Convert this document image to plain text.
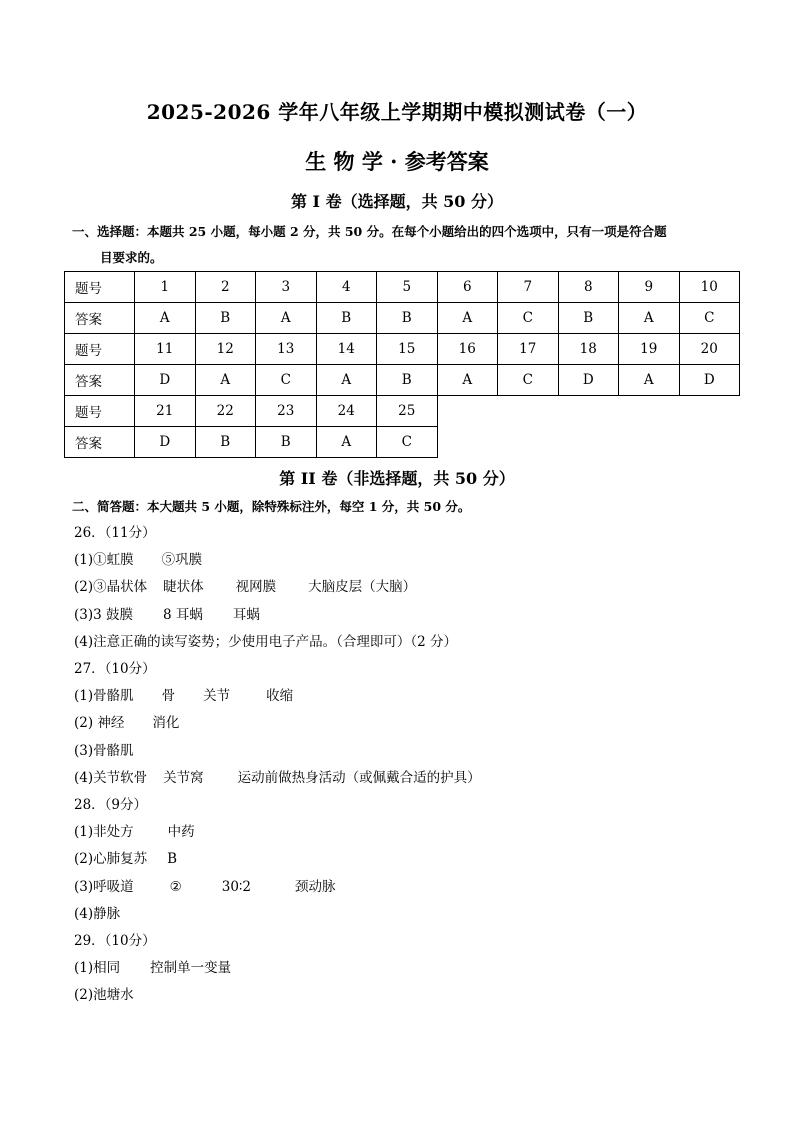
2025-2026 学年八年级上学期期中模拟测试卷（一）
生 物 学 · 参考答案
第 I 卷（选择题，共 50 分）
一、选择题：本题共 25 小题，每小题 2 分，共 50 分。在每个小题给出的四个选项中，只有一项是符合题
目要求的。
题号	1	2	3	4	5	6	7	8	9	10
答案	A	B	A	B	B	A	C	B	A	C
题号	11	12	13	14	15	16	17	18	19	20
答案	D	A	C	A	B	A	C	D	A	D
题号	21	22	23	24	25					
答案	D	B	B	A	C					
第 II 卷（非选择题，共 50 分）
二、简答题：本大题共 5 小题，除特殊标注外，每空 1 分，共 50 分。
26．（11分）
(1)①虹膜 ⑤巩膜
(2)③晶状体 睫状体 视网膜 大脑皮层（大脑）
(3)3 鼓膜 8 耳蜗 耳蜗
(4)注意正确的读写姿势；少使用电子产品。（合理即可）（2 分）
27．（10分）
(1)骨骼肌 骨 关节	收缩
(2) 神经 消化
(3)骨骼肌
(4)关节软骨 关节窝	运动前做热身活动（或佩戴合适的护具）
28．（9分）
(1)非处方	中药
(2)心肺复苏 B
(3)呼吸道	②	30∶2	颈动脉
(4)静脉
29．（10分）
(1)相同 控制单一变量
(2)池塘水
